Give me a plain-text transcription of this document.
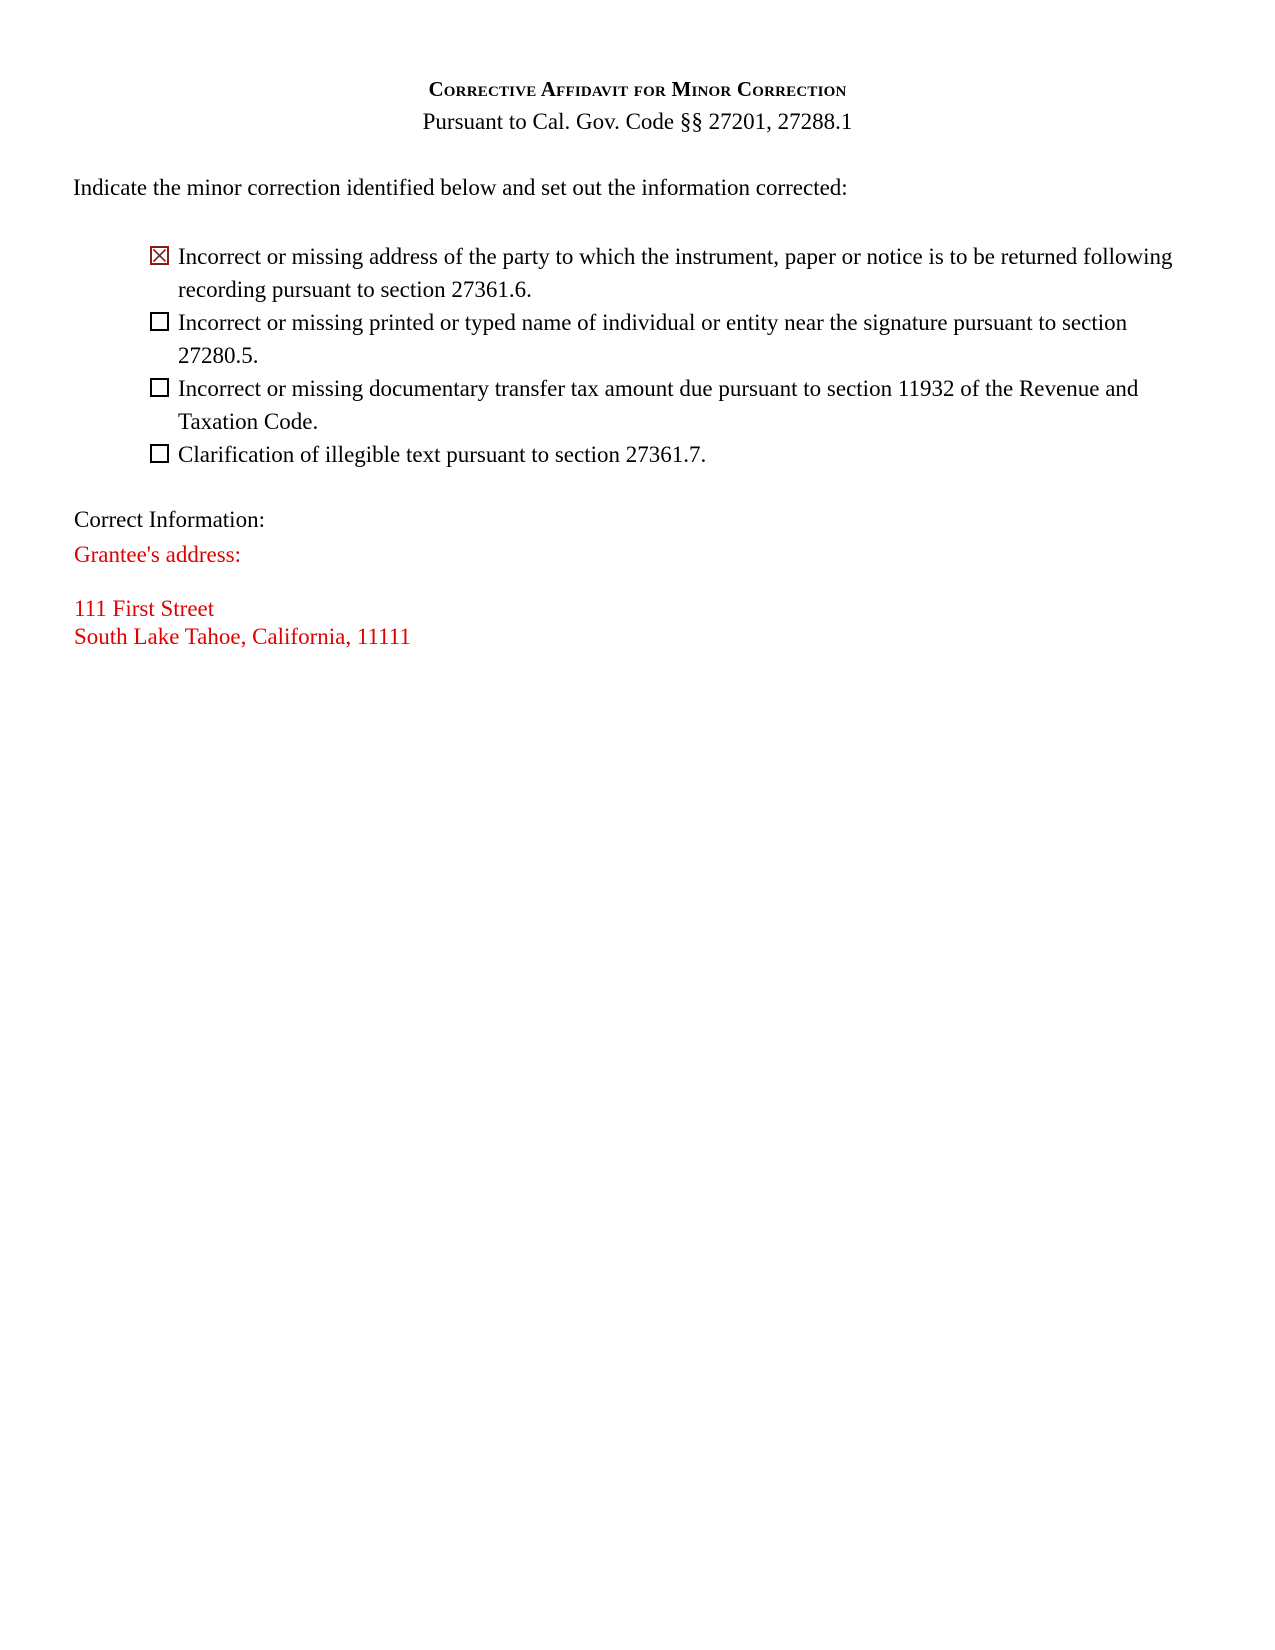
Corrective Affidavit for Minor Correction
Pursuant to Cal. Gov. Code §§ 27201, 27288.1
Indicate the minor correction identified below and set out the information corrected:
Incorrect or missing address of the party to which the instrument, paper or notice is to be returned following recording pursuant to section 27361.6.
Incorrect or missing printed or typed name of individual or entity near the signature pursuant to section 27280.5.
Incorrect or missing documentary transfer tax amount due pursuant to section 11932 of the Revenue and Taxation Code.
Clarification of illegible text pursuant to section 27361.7.
Correct Information:
Grantee's address:
111 First Street
South Lake Tahoe, California, 11111
